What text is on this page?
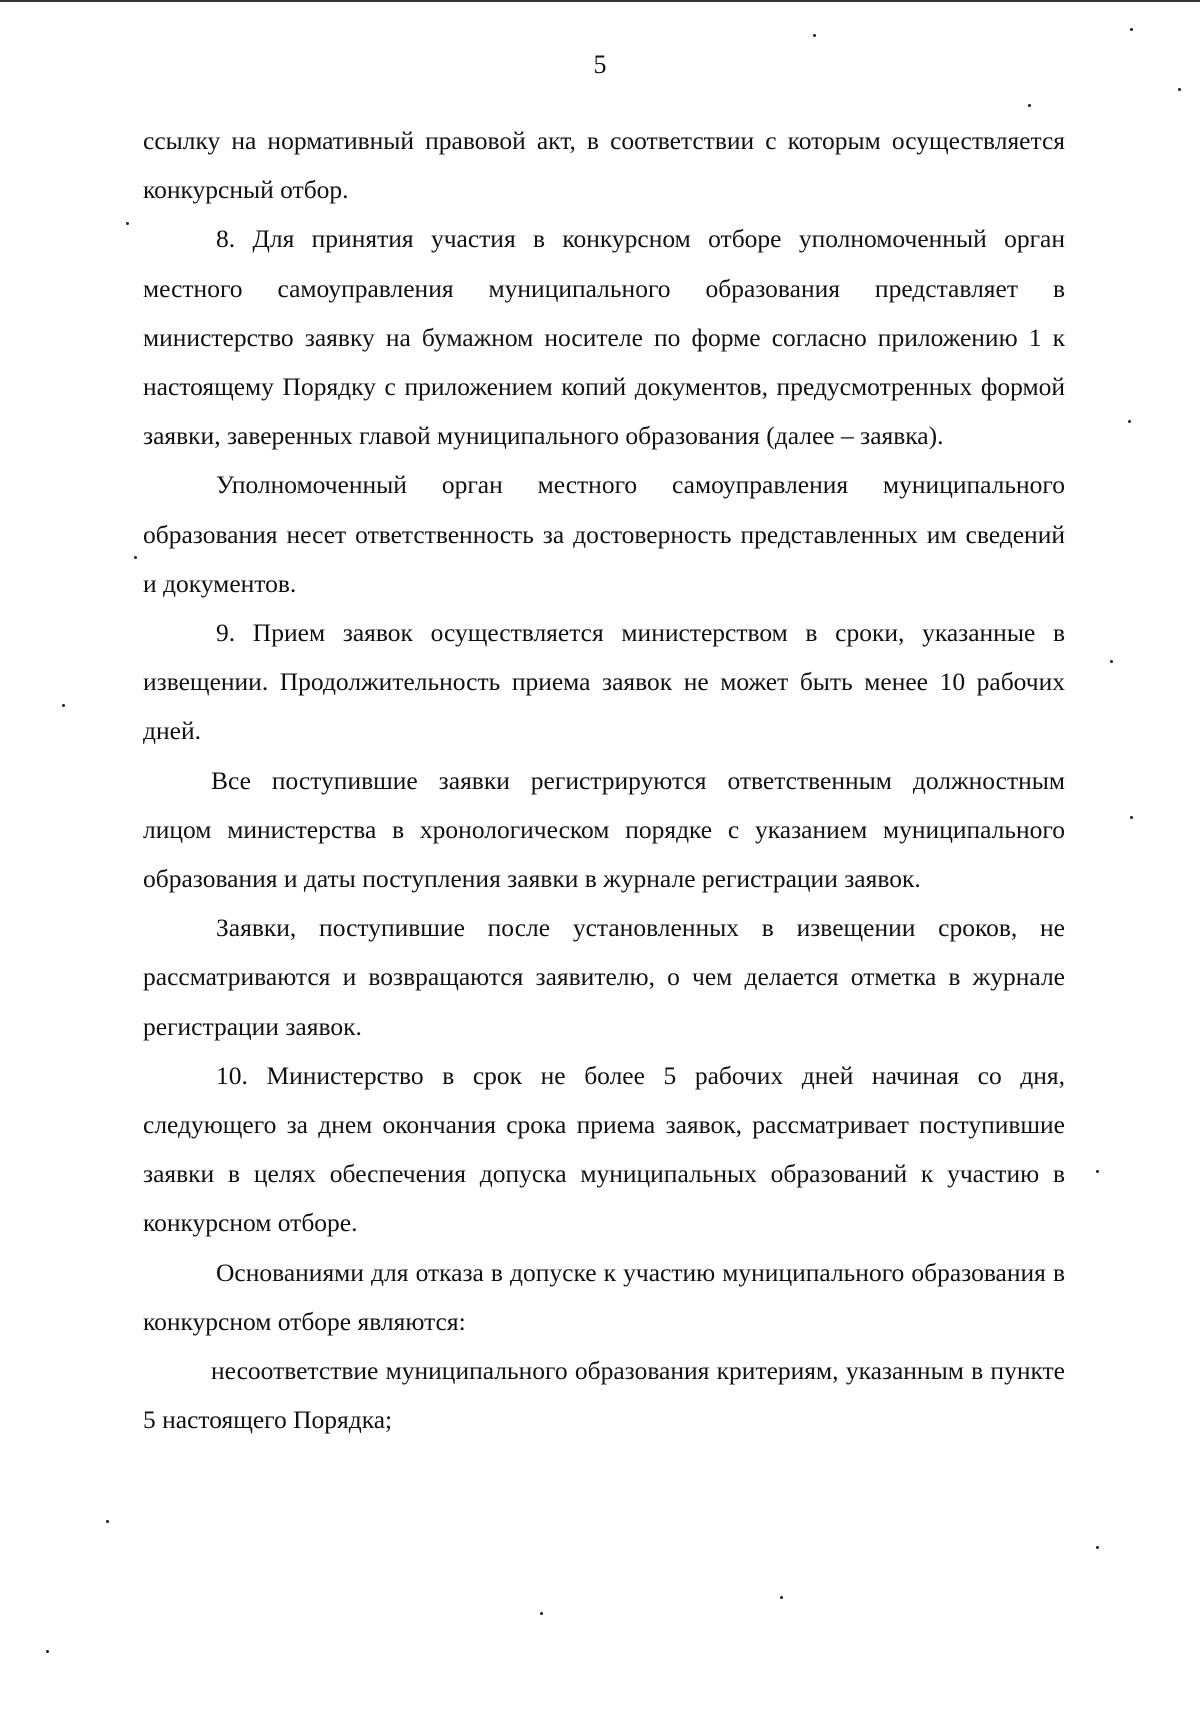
5

ссылку на нормативный правовой акт, в соответствии с которым осуществляется конкурсный отбор.

8. Для принятия участия в конкурсном отборе уполномоченный орган местного самоуправления муниципального образования представляет в министерство заявку на бумажном носителе по форме согласно приложению 1 к настоящему Порядку с приложением копий документов, предусмотренных формой заявки, заверенных главой муниципального образования (далее – заявка).

Уполномоченный орган местного самоуправления муниципального образования несет ответственность за достоверность представленных им сведений и документов.

9. Прием заявок осуществляется министерством в сроки, указанные в извещении. Продолжительность приема заявок не может быть менее 10 рабочих дней.

Все поступившие заявки регистрируются ответственным должностным лицом министерства в хронологическом порядке с указанием муниципального образования и даты поступления заявки в журнале регистрации заявок.

Заявки, поступившие после установленных в извещении сроков, не рассматриваются и возвращаются заявителю, о чем делается отметка в журнале регистрации заявок.

10. Министерство в срок не более 5 рабочих дней начиная со дня, следующего за днем окончания срока приема заявок, рассматривает поступившие заявки в целях обеспечения допуска муниципальных образований к участию в конкурсном отборе.

Основаниями для отказа в допуске к участию муниципального образования в конкурсном отборе являются:

несоответствие муниципального образования критериям, указанным в пункте 5 настоящего Порядка;
